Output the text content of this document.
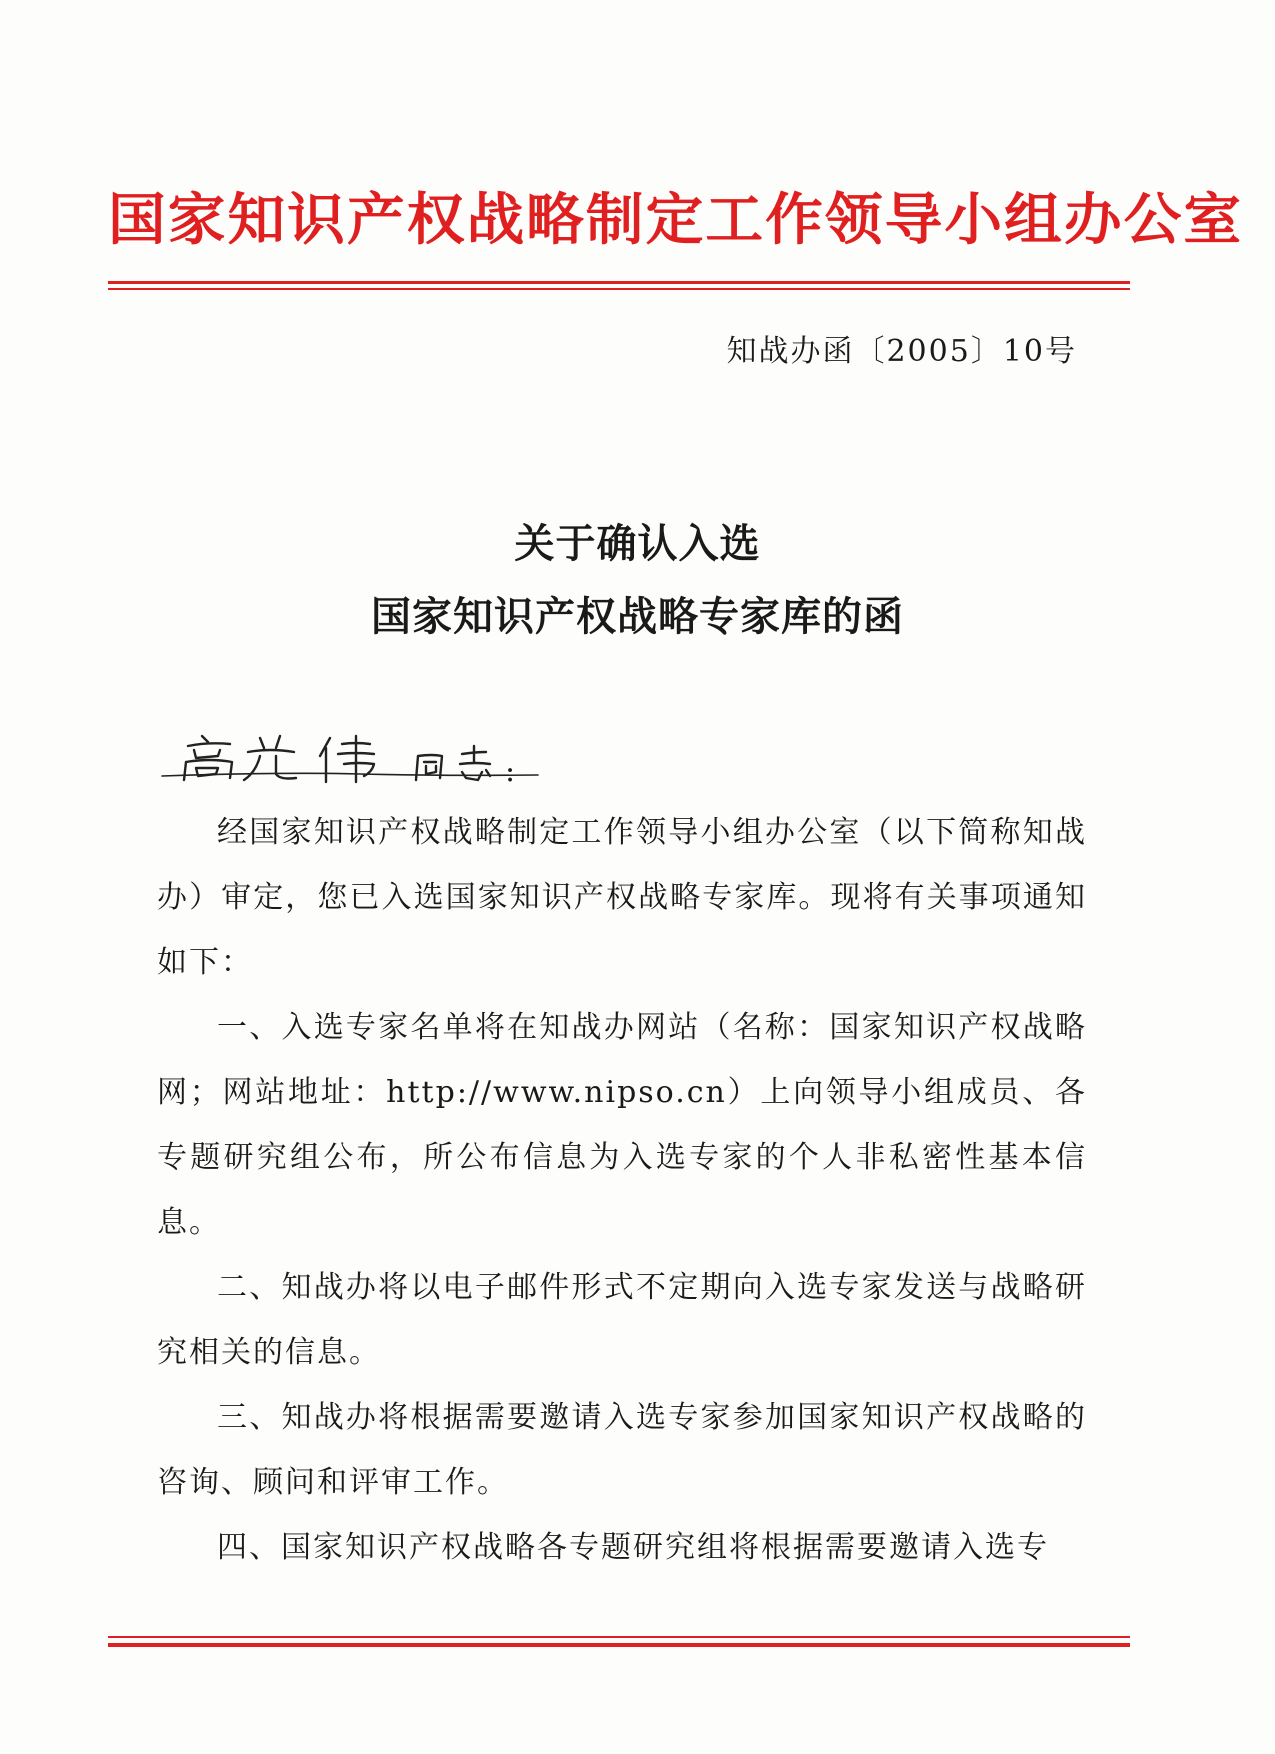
国家知识产权战略制定工作领导小组办公室
知战办函〔2005〕10号
关于确认入选
国家知识产权战略专家库的函
:

经国家知识产权战略制定工作领导小组办公室（以下简称知战办）审定，您已入选国家知识产权战略专家库。现将有关事项通知如下：

一、入选专家名单将在知战办网站（名称：国家知识产权战略网；网站地址：http://www.nipso.cn）上向领导小组成员、各专题研究组公布，所公布信息为入选专家的个人非私密性基本信息。

二、知战办将以电子邮件形式不定期向入选专家发送与战略研究相关的信息。

三、知战办将根据需要邀请入选专家参加国家知识产权战略的咨询、顾问和评审工作。

四、国家知识产权战略各专题研究组将根据需要邀请入选专
